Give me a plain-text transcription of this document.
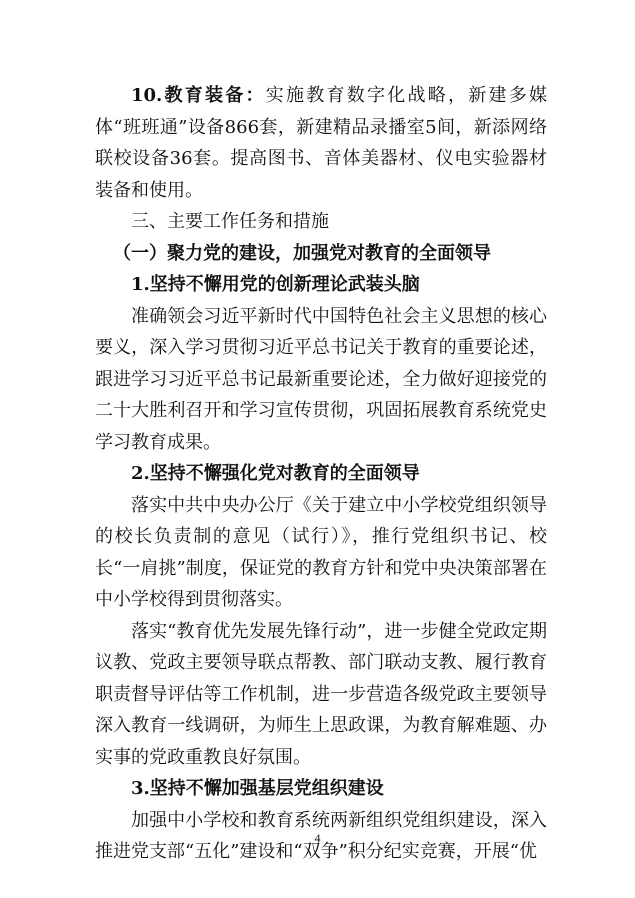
10.教育装备：实施教育数字化战略，新建多媒体“班班通”设备866套，新建精品录播室5间，新添网络联校设备36套。提高图书、音体美器材、仪电实验器材装备和使用。

三、主要工作任务和措施

（一）聚力党的建设，加强党对教育的全面领导

1.坚持不懈用党的创新理论武装头脑

准确领会习近平新时代中国特色社会主义思想的核心要义，深入学习贯彻习近平总书记关于教育的重要论述，跟进学习习近平总书记最新重要论述，全力做好迎接党的二十大胜利召开和学习宣传贯彻，巩固拓展教育系统党史学习教育成果。

2.坚持不懈强化党对教育的全面领导

落实中共中央办公厅《关于建立中小学校党组织领导的校长负责制的意见（试行）》，推行党组织书记、校长“一肩挑”制度，保证党的教育方针和党中央决策部署在中小学校得到贯彻落实。

落实“教育优先发展先锋行动”，进一步健全党政定期议教、党政主要领导联点帮教、部门联动支教、履行教育职责督导评估等工作机制，进一步营造各级党政主要领导深入教育一线调研，为师生上思政课，为教育解难题、办实事的党政重教良好氛围。

3.坚持不懈加强基层党组织建设

加强中小学校和教育系统两新组织党组织建设，深入推进党支部“五化”建设和“双争”积分纪实竞赛，开展“优

4
